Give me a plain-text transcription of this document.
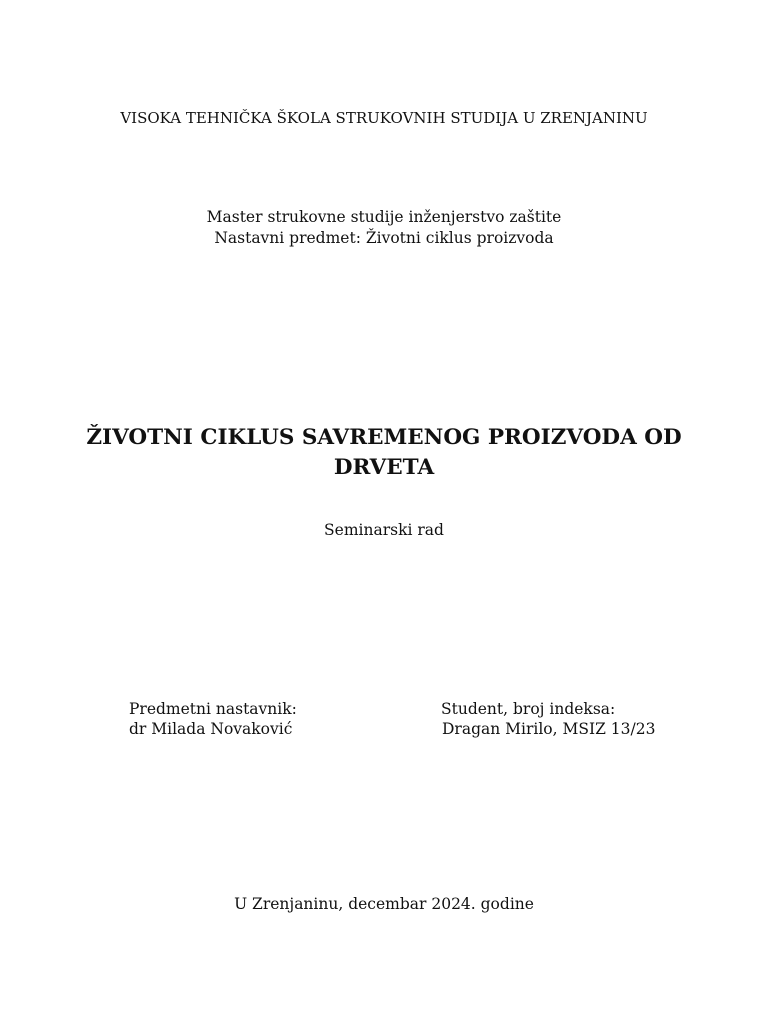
VISOKA TEHNIČKA ŠKOLA STRUKOVNIH STUDIJA U ZRENJANINU
Master strukovne studije inženjerstvo zaštite
Nastavni predmet: Životni ciklus proizvoda
ŽIVOTNI CIKLUS SAVREMENOG PROIZVODA OD
DRVETA
Seminarski rad
Predmetni nastavnik:
dr Milada Novaković
Student, broj indeksa:
Dragan Mirilo, MSIZ 13/23
U Zrenjaninu, decembar 2024. godine
